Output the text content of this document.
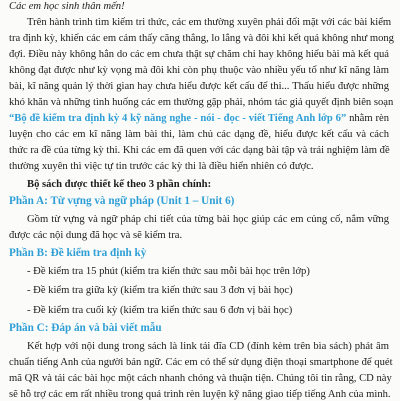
Các em học sinh thân mến!
Trên hành trình tìm kiếm tri thức, các em thường xuyên phải đối mặt với các bài kiểm
tra định kỳ, khiến các em cảm thấy căng thẳng, lo lắng và đôi khi kết quả không như mong
đợi. Điều này không hẳn do các em chưa thật sự chăm chỉ hay không hiểu bài mà kết quả
không đạt được như kỳ vọng mà đôi khi còn phụ thuộc vào nhiều yếu tố như kĩ năng làm
bài, kĩ năng quản lý thời gian hay chưa hiểu được kết cấu để thi... Thấu hiểu được những
khó khăn và những tình huống các em thường gặp phải, nhóm tác giả quyết định biên soạn
“Bộ đề kiểm tra định kỳ 4 kỹ năng nghe - nói - đọc - viết Tiếng Anh lớp 6” nhằm rèn
luyện cho các em kĩ năng làm bài thi, làm chủ các dạng đề, hiểu được kết cấu và cách
thức ra đề của từng kỳ thi. Khi các em đã quen với các dạng bài tập và trải nghiệm làm đề
thường xuyên thì việc tự tin trước các kỳ thi là điều hiển nhiên có được.
Bộ sách được thiết kế theo 3 phần chính:
Phần A: Từ vựng và ngữ pháp (Unit 1 – Unit 6)
Gồm từ vựng và ngữ pháp chi tiết của từng bài học giúp các em củng cố, nắm vững
được các nội dung đã học và sẽ kiểm tra.
Phần B: Đề kiểm tra định kỳ
- Đề kiểm tra 15 phút (kiểm tra kiến thức sau mỗi bài học trên lớp)
- Đề kiểm tra giữa kỳ (kiểm tra kiến thức sau 3 đơn vị bài học)
- Đề kiểm tra cuối kỳ (kiểm tra kiến thức sau 6 đơn vị bài học)
Phần C: Đáp án và bài viết mẫu
Kết hợp với nội dung trong sách là link tải đĩa CD (đính kèm trên bìa sách) phát âm
chuẩn tiếng Anh của người bản ngữ. Các em có thể sử dụng điện thoại smartphone để quét
mã QR và tải các bài học một cách nhanh chóng và thuận tiện. Chúng tôi tin rằng, CD này
sẽ hỗ trợ các em rất nhiều trong quá trình rèn luyện kỹ năng giao tiếp tiếng Anh của mình.
